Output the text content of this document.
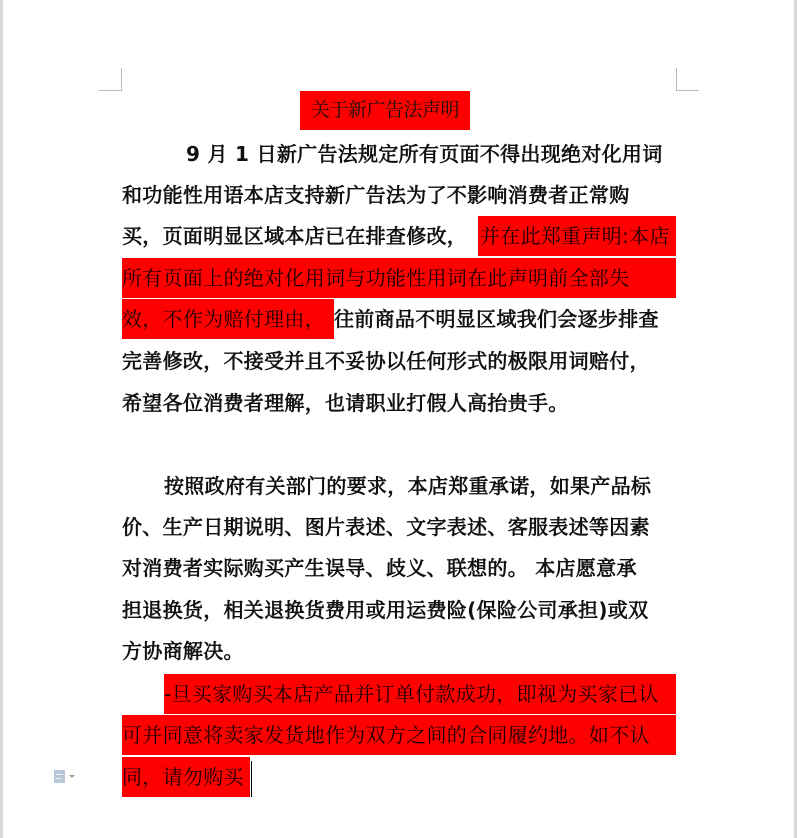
关于新广告法声明
9 月 1 日新广告法规定所有页面不得出现绝对化用词
和功能性用语本店支持新广告法为了不影响消费者正常购
买，页面明显区域本店已在排查修改， 并在此郑重声明:本店
所有页面上的绝对化用词与功能性用词在此声明前全部失
效，不作为赔付理由， 往前商品不明显区域我们会逐步排查
完善修改，不接受并且不妥协以任何形式的极限用词赔付，
希望各位消费者理解，也请职业打假人高抬贵手。
按照政府有关部门的要求，本店郑重承诺，如果产品标
价、生产日期说明、图片表述、文字表述、客服表述等因素
对消费者实际购买产生误导、歧义、联想的。 本店愿意承
担退换货，相关退换货费用或用运费险(保险公司承担)或双
方协商解决。
-旦买家购买本店产品并订单付款成功，即视为买家已认
可并同意将卖家发货地作为双方之间的合同履约地。如不认
同，请勿购买
